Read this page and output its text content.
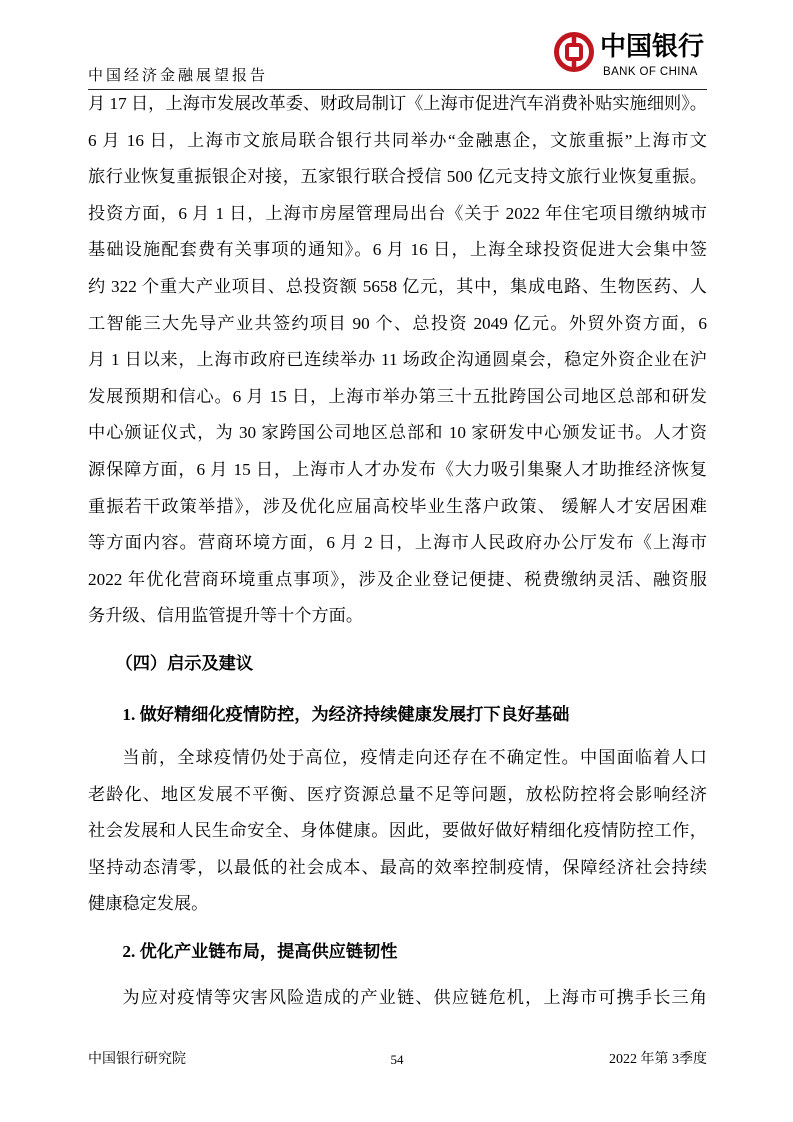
中国经济金融展望报告
中国银行
BANK OF CHINA
月 17 日，上海市发展改革委、财政局制订《上海市促进汽车消费补贴实施细则》。
6 月 16 日，上海市文旅局联合银行共同举办“金融惠企，文旅重振”上海市文
旅行业恢复重振银企对接，五家银行联合授信 500 亿元支持文旅行业恢复重振。
投资方面，6 月 1 日，上海市房屋管理局出台《关于 2022 年住宅项目缴纳城市
基础设施配套费有关事项的通知》。6 月 16 日，上海全球投资促进大会集中签
约 322 个重大产业项目、总投资额 5658 亿元，其中，集成电路、生物医药、人
工智能三大先导产业共签约项目 90 个、总投资 2049 亿元。外贸外资方面，6
月 1 日以来，上海市政府已连续举办 11 场政企沟通圆桌会，稳定外资企业在沪
发展预期和信心。6 月 15 日，上海市举办第三十五批跨国公司地区总部和研发
中心颁证仪式，为 30 家跨国公司地区总部和 10 家研发中心颁发证书。人才资
源保障方面，6 月 15 日，上海市人才办发布《大力吸引集聚人才助推经济恢复
重振若干政策举措》，涉及优化应届高校毕业生落户政策、 缓解人才安居困难
等方面内容。营商环境方面，6 月 2 日，上海市人民政府办公厅发布《上海市
2022 年优化营商环境重点事项》，涉及企业登记便捷、税费缴纳灵活、融资服
务升级、信用监管提升等十个方面。
（四）启示及建议
1. 做好精细化疫情防控，为经济持续健康发展打下良好基础
当前，全球疫情仍处于高位，疫情走向还存在不确定性。中国面临着人口
老龄化、地区发展不平衡、医疗资源总量不足等问题，放松防控将会影响经济
社会发展和人民生命安全、身体健康。因此，要做好做好精细化疫情防控工作，
坚持动态清零，以最低的社会成本、最高的效率控制疫情，保障经济社会持续
健康稳定发展。
2. 优化产业链布局，提高供应链韧性
为应对疫情等灾害风险造成的产业链、供应链危机，上海市可携手长三角
中国银行研究院	54	2022 年第 3季度
